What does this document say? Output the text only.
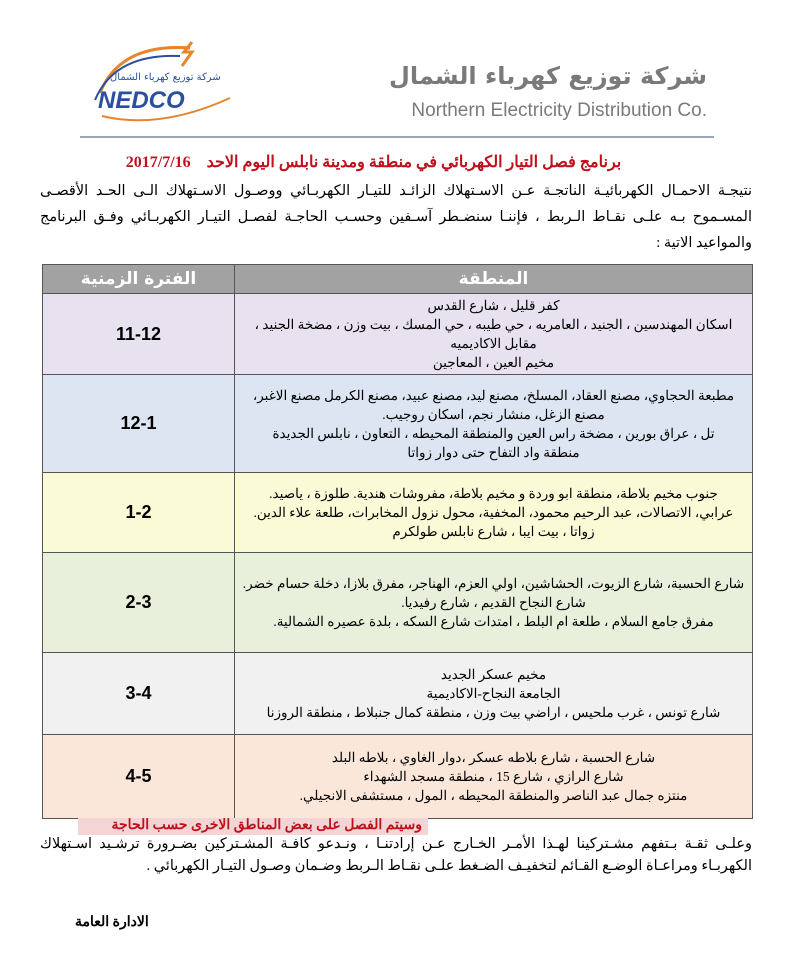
شركة توزيع كهرباء الشمال
NEDCO
شركة توزيع كهرباء الشمال
Northern Electricity Distribution Co.
برنامج فصل التيار الكهربائي في منطقة ومدينة نابلس اليوم الاحد 2017/7/16
نتيجـة الاحمـال الكهربائيـة الناتجـة عـن الاسـتهلاك الزائـد للتيـار الكهربـائي ووصـول الاسـتهلاك الـى الحـد الأقصـى المسـموح بـه علـى نقـاط الـربط ، فإننـا سنضـطر آسـفين وحسـب الحاجـة لفصـل التيـار الكهربـائي وفـق البرنامج والمواعيد الاتية :
المنطقة	الفترة الزمنية

كفر قليل ، شارع القدس
اسكان المهندسين ، الجنيد ، العامريه ، حي طيبه ، حي المسك ، بيت وزن ، مضخة الجنيد ، مقابل الاكاديميه
مخيم العين ، المعاجين	11-12

مطبعة الحجاوي، مصنع العقاد، المسلخ، مصنع ليد، مصنع عبيد، مصنع الكرمل مصنع الاغبر، مصنع الزغل، منشار نجم، اسكان روجيب.
تل ، عراق بورين ، مضخة راس العين والمنطقة المحيطه ، التعاون ، نابلس الجديدة
منطقة واد التفاح حتى دوار زواتا	12-1

جنوب مخيم بلاطة، منطقة ابو وردة و مخيم بلاطة، مفروشات هندية. طلوزة ، ياصيد.
عرابي، الاتصالات، عبد الرحيم محمود، المخفية، محول نزول المخابرات، طلعة علاء الدين.
زواتا ، بيت ايبا ، شارع نابلس طولكرم	1-2

شارع الحسبة، شارع الزيوت، الحشاشين، اولي العزم، الهناجر، مفرق بلازا، دخلة حسام خضر.
شارع النجاح القديم ، شارع رفيديا.
مفرق جامع السلام ، طلعة ام البلط ، امتدات شارع السكه ، بلدة عصيره الشمالية.	2-3

مخيم عسكر الجديد
الجامعة النجاح-الاكاديمية
شارع تونس ، غرب ملحيس ، اراضي بيت وزن ، منطقة كمال جنبلاط ، منطقة الروزنا	3-4

شارع الحسبة ، شارع بلاطه عسكر ،دوار الغاوي ، بلاطه البلد
شارع الرازي ، شارع 15 ، منطقة مسجد الشهداء
منتزه جمال عبد الناصر والمنطقة المحيطه ، المول ، مستشفى الانجيلي.	4-5
وسيتم الفصل على بعض المناطق الاخرى حسب الحاجة
وعلـى ثقـة بـتفهم مشـتركينا لهـذا الأمـر الخـارج عـن إرادتنـا ، ونـدعو كافـة المشـتركين بضـرورة ترشـيد اسـتهلاك الكهربـاء ومراعـاة الوضـع القـائم لتخفيـف الضـغط علـى نقـاط الـربط وضـمان وصـول التيـار الكهربائي .
الادارة العامة
